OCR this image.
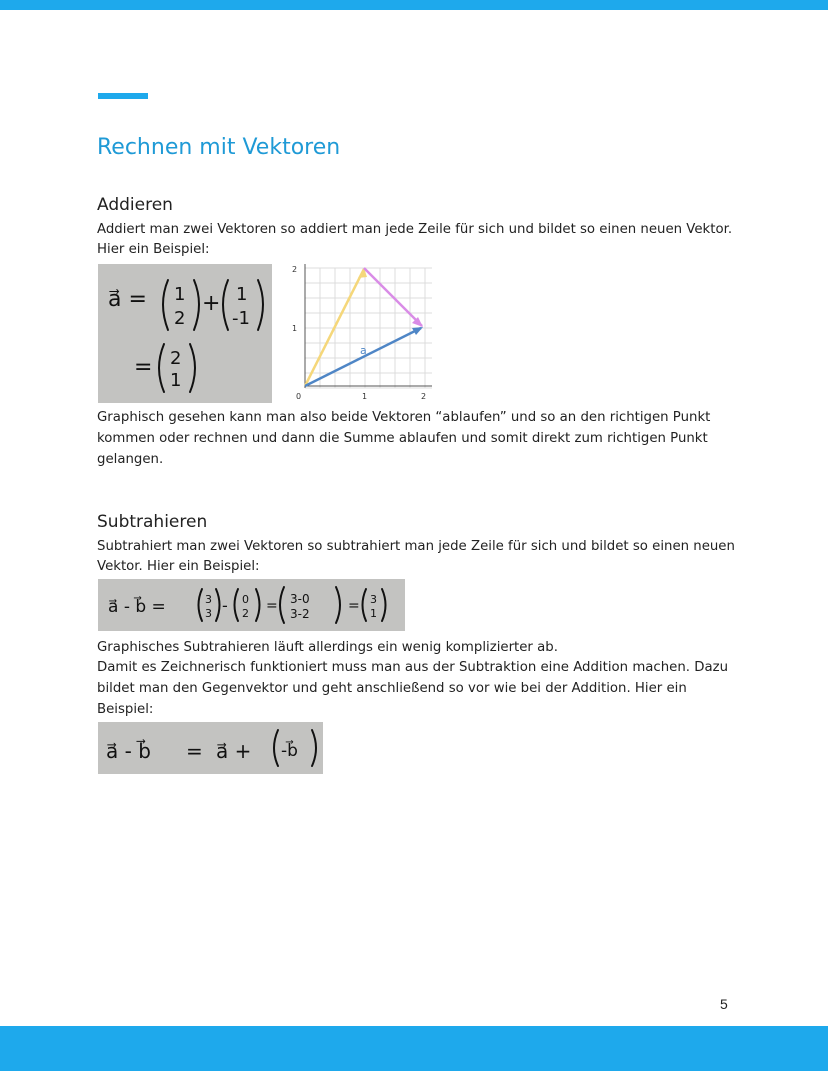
Rechnen mit Vektoren
Addieren

Addiert man zwei Vektoren so addiert man jede Zeile für sich und bildet so einen neuen Vektor.

Hier ein Beispiel:

a⃗ = 1
2
+ 1
-1
= 2
1
0	1	2
1
2
a

Graphisch gesehen kann man also beide Vektoren “ablaufen” und so an den richtigen Punkt

kommen oder rechnen und dann die Summe ablaufen und somit direkt zum richtigen Punkt

gelangen.

Subtrahieren

Subtrahiert man zwei Vektoren so subtrahiert man jede Zeile für sich und bildet so einen neuen

Vektor. Hier ein Beispiel:

a⃗ - b⃗ =	3
3 - 0
2 = 3-0
3-2	= 3
1

Graphisches Subtrahieren läuft allerdings ein wenig komplizierter ab.

Damit es Zeichnerisch funktioniert muss man aus der Subtraktion eine Addition machen. Dazu

bildet man den Gegenvektor und geht anschließend so vor wie bei der Addition. Hier ein

Beispiel:

a⃗ - b⃗ = a⃗ + -b⃗
5
